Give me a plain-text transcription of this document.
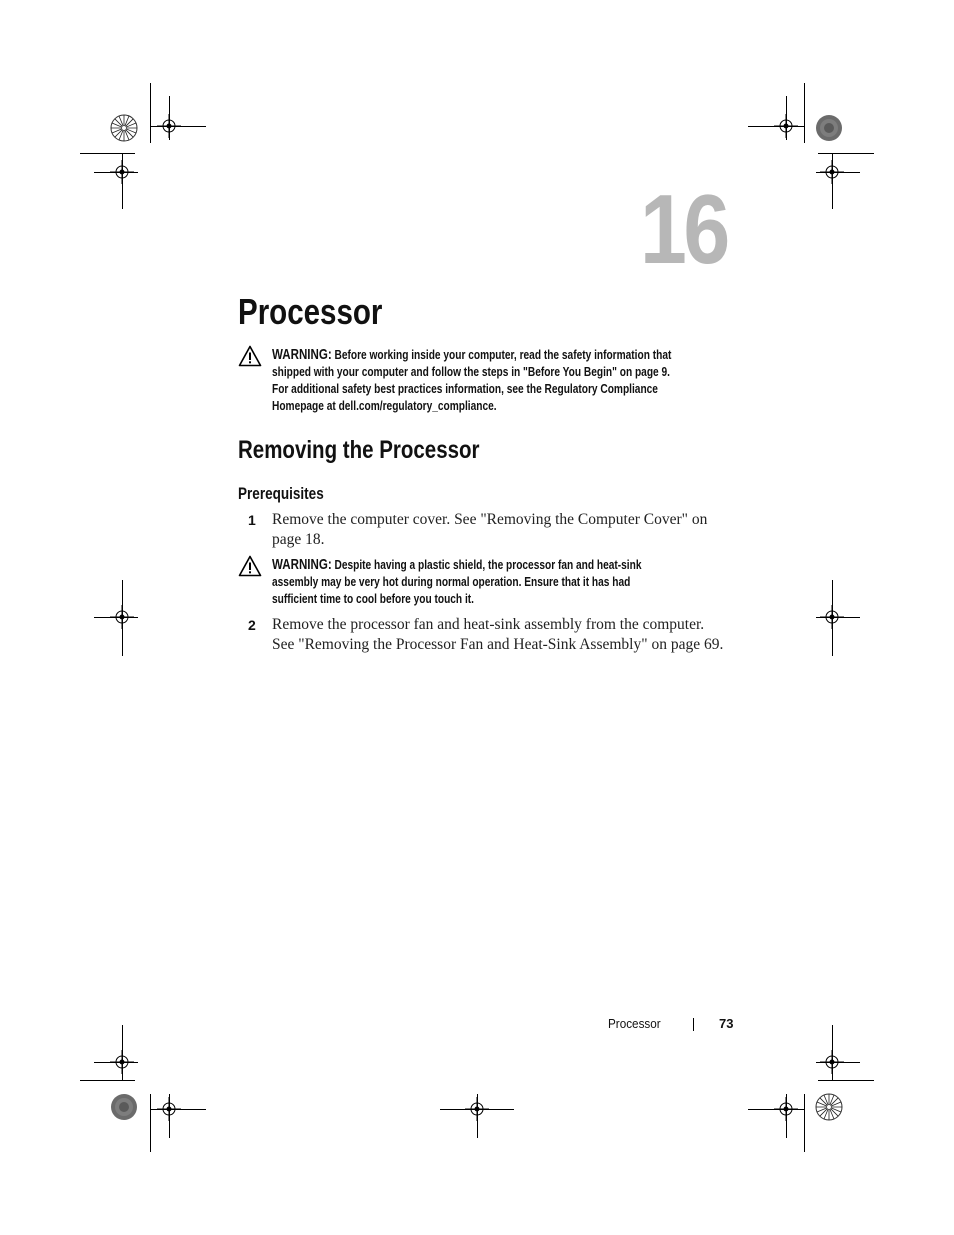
16
Processor
WARNING: Before working inside your computer, read the safety information that
shipped with your computer and follow the steps in "Before You Begin" on page 9.
For additional safety best practices information, see the Regulatory Compliance
Homepage at dell.com/regulatory_compliance.
Removing the Processor
Prerequisites
1 Remove the computer cover. See "Removing the Computer Cover" on
page 18.
WARNING: Despite having a plastic shield, the processor fan and heat-sink
assembly may be very hot during normal operation. Ensure that it has had
sufficient time to cool before you touch it.
2 Remove the processor fan and heat-sink assembly from the computer.
See "Removing the Processor Fan and Heat-Sink Assembly" on page 69.
Processor	73
